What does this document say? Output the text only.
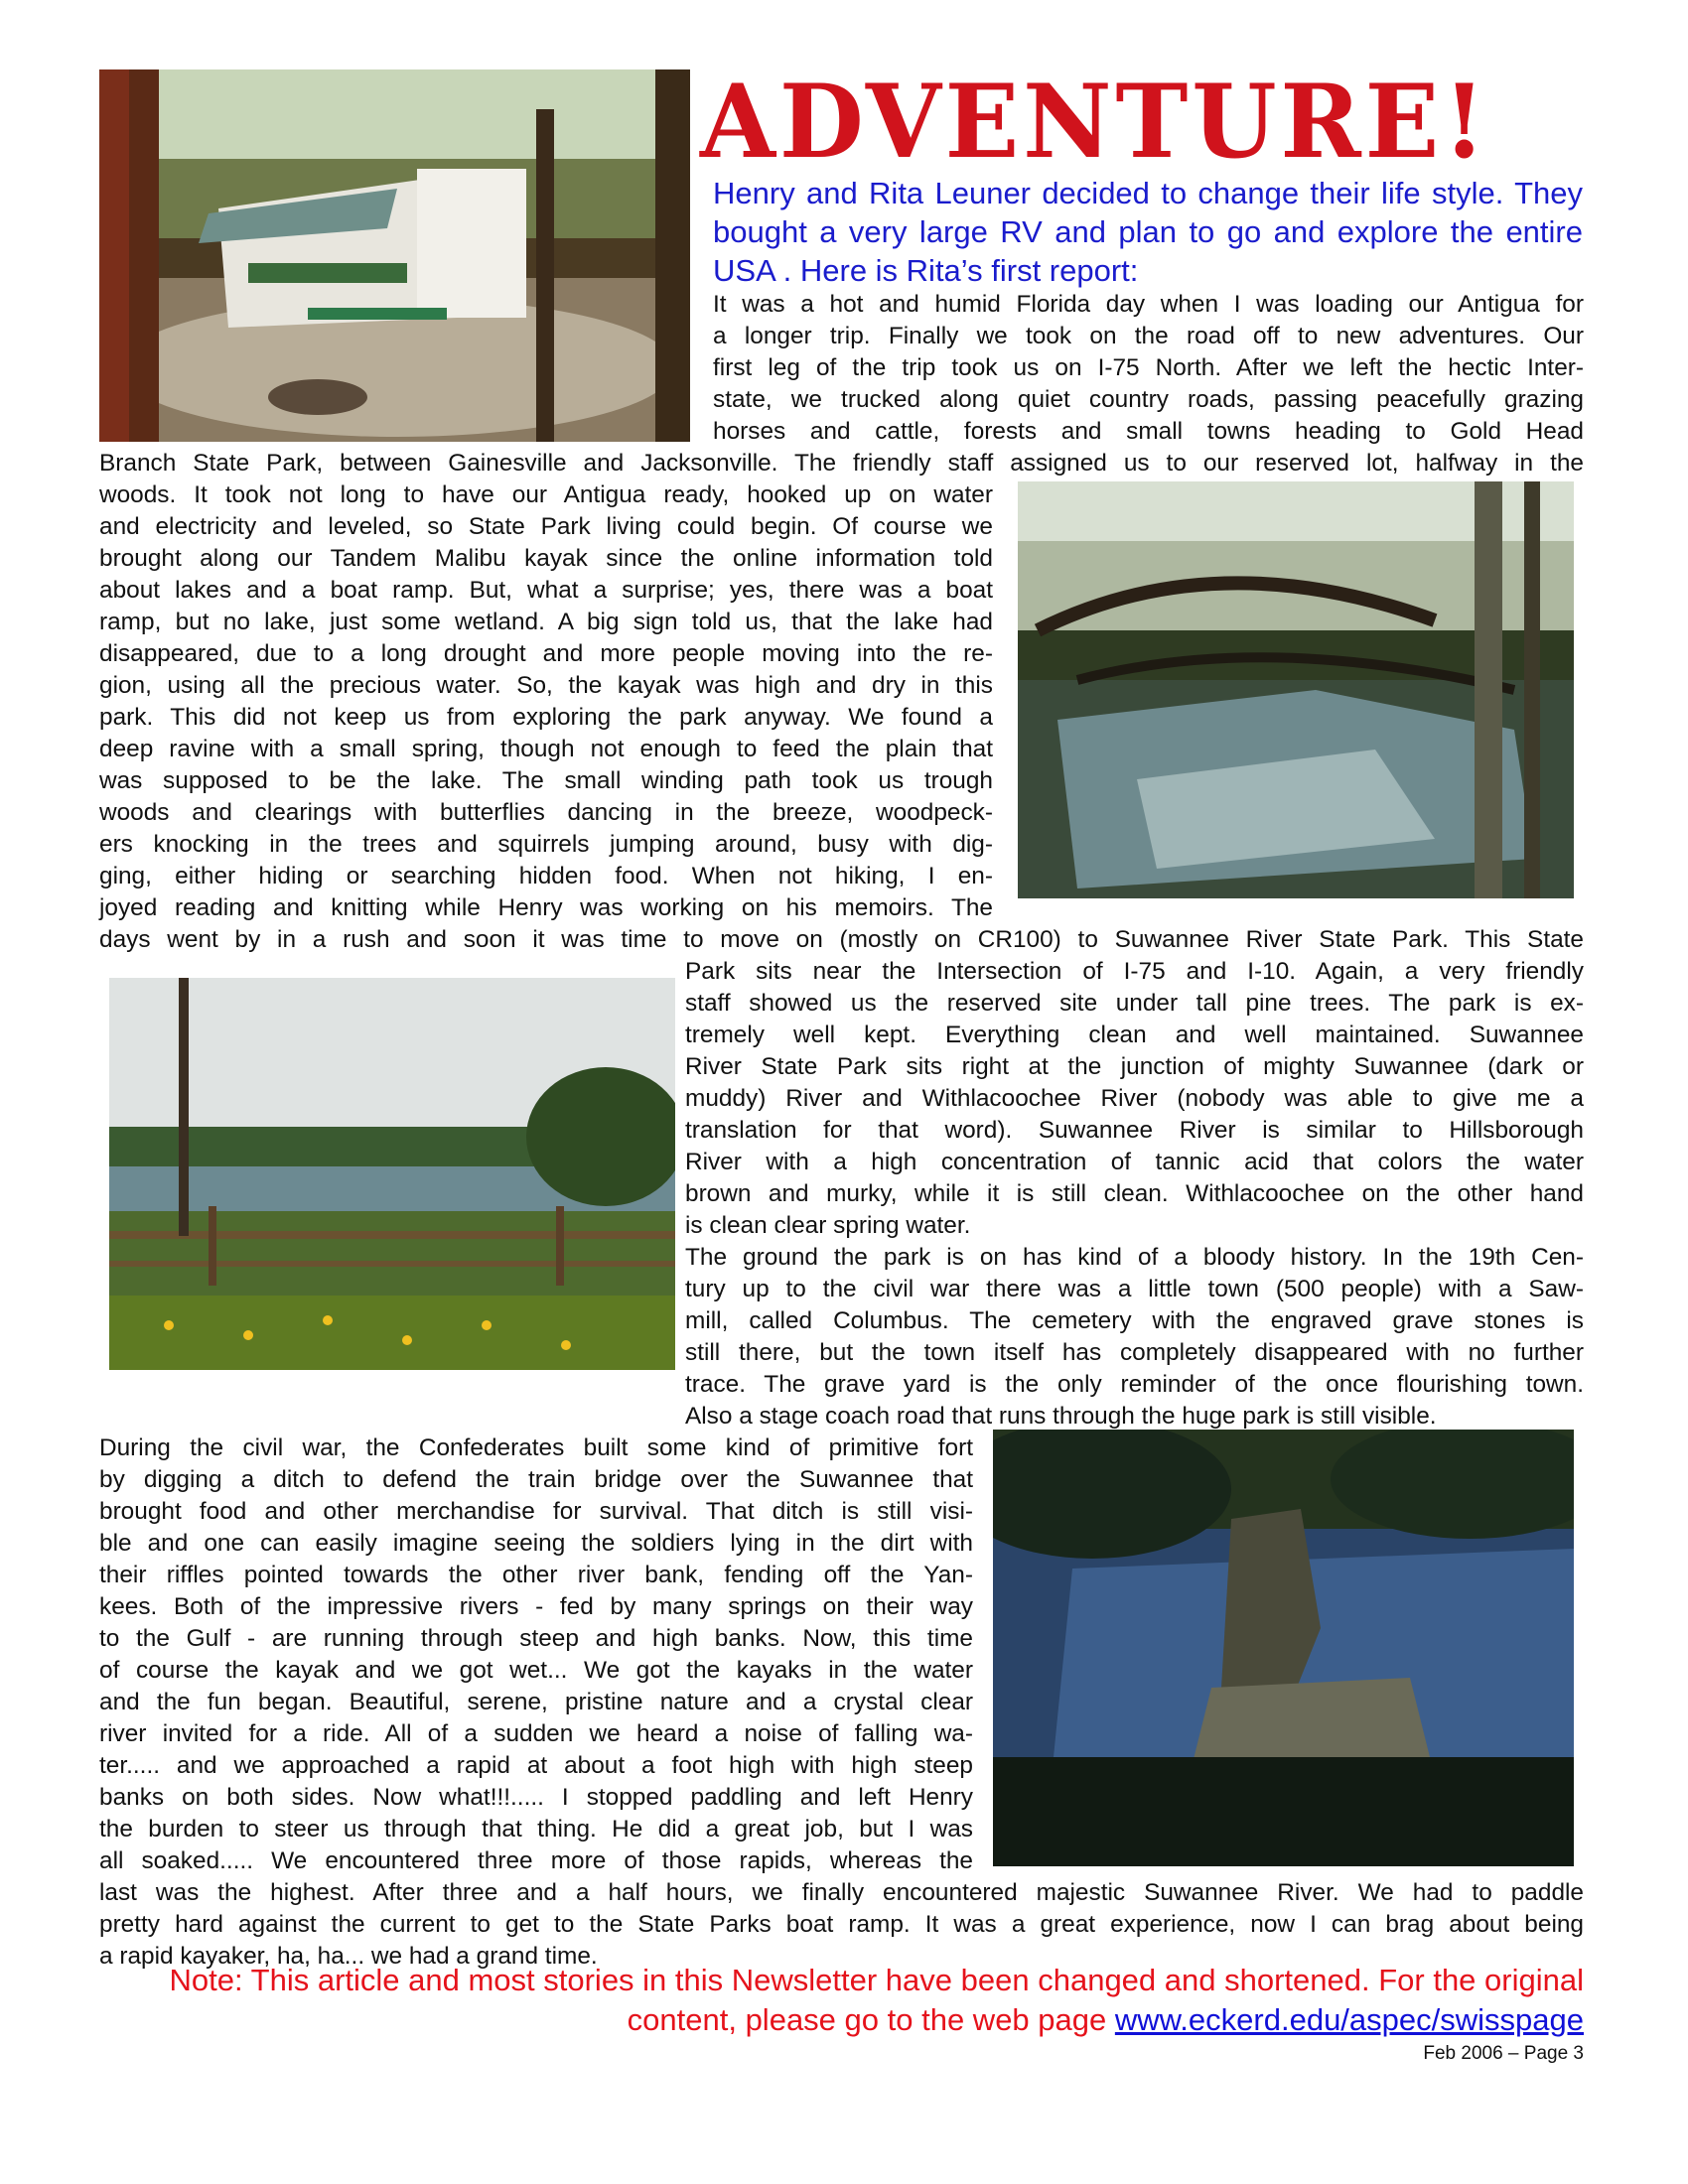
ADVENTURE!

Henry and Rita Leuner decided to change their life style. They bought a very large RV and plan to go and explore the entire USA . Here is Rita’s first report:

It was a hot and humid Florida day when I was loading our Antigua for
a longer trip. Finally we took on the road off to new adventures. Our
first leg of the trip took us on I-75 North. After we left the hectic Inter-
state, we trucked along quiet country roads, passing peacefully grazing
horses and cattle, forests and small towns heading to Gold Head
Branch State Park, between Gainesville and Jacksonville. The friendly staff assigned us to our reserved lot, halfway in the
woods. It took not long to have our Antigua ready, hooked up on water
and electricity and leveled, so State Park living could begin. Of course we
brought along our Tandem Malibu kayak since the online information told
about lakes and a boat ramp. But, what a surprise; yes, there was a boat
ramp, but no lake, just some wetland. A big sign told us, that the lake had
disappeared, due to a long drought and more people moving into the re-
gion, using all the precious water. So, the kayak was high and dry in this
park. This did not keep us from exploring the park anyway. We found a
deep ravine with a small spring, though not enough to feed the plain that
was supposed to be the lake. The small winding path took us trough
woods and clearings with butterflies dancing in the breeze, woodpeck-
ers knocking in the trees and squirrels jumping around, busy with dig-
ging, either hiding or searching hidden food. When not hiking, I en-
joyed reading and knitting while Henry was working on his memoirs. The
days went by in a rush and soon it was time to move on (mostly on CR100) to Suwannee River State Park. This State
Park sits near the Intersection of I-75 and I-10. Again, a very friendly
staff showed us the reserved site under tall pine trees. The park is ex-
tremely well kept. Everything clean and well maintained. Suwannee
River State Park sits right at the junction of mighty Suwannee (dark or
muddy) River and Withlacoochee River (nobody was able to give me a
translation for that word). Suwannee River is similar to Hillsborough
River with a high concentration of tannic acid that colors the water
brown and murky, while it is still clean. Withlacoochee on the other hand
is clean clear spring water.
The ground the park is on has kind of a bloody history. In the 19th Cen-
tury up to the civil war there was a little town (500 people) with a Saw-
mill, called Columbus. The cemetery with the engraved grave stones is
still there, but the town itself has completely disappeared with no further
trace. The grave yard is the only reminder of the once flourishing town.
Also a stage coach road that runs through the huge park is still visible.
During the civil war, the Confederates built some kind of primitive fort
by digging a ditch to defend the train bridge over the Suwannee that
brought food and other merchandise for survival. That ditch is still visi-
ble and one can easily imagine seeing the soldiers lying in the dirt with
their riffles pointed towards the other river bank, fending off the Yan-
kees. Both of the impressive rivers - fed by many springs on their way
to the Gulf - are running through steep and high banks. Now, this time
of course the kayak and we got wet... We got the kayaks in the water
and the fun began. Beautiful, serene, pristine nature and a crystal clear
river invited for a ride. All of a sudden we heard a noise of falling wa-
ter..... and we approached a rapid at about a foot high with high steep
banks on both sides. Now what!!!..... I stopped paddling and left Henry
the burden to steer us through that thing. He did a great job, but I was
all soaked..... We encountered three more of those rapids, whereas the
last was the highest. After three and a half hours, we finally encountered majestic Suwannee River. We had to paddle
pretty hard against the current to get to the State Parks boat ramp. It was a great experience, now I can brag about being
a rapid kayaker, ha, ha... we had a grand time.

Note: This article and most stories in this Newsletter have been changed and shortened. For the original content, please go to the web page www.eckerd.edu/aspec/swisspage

Feb 2006 – Page 3
